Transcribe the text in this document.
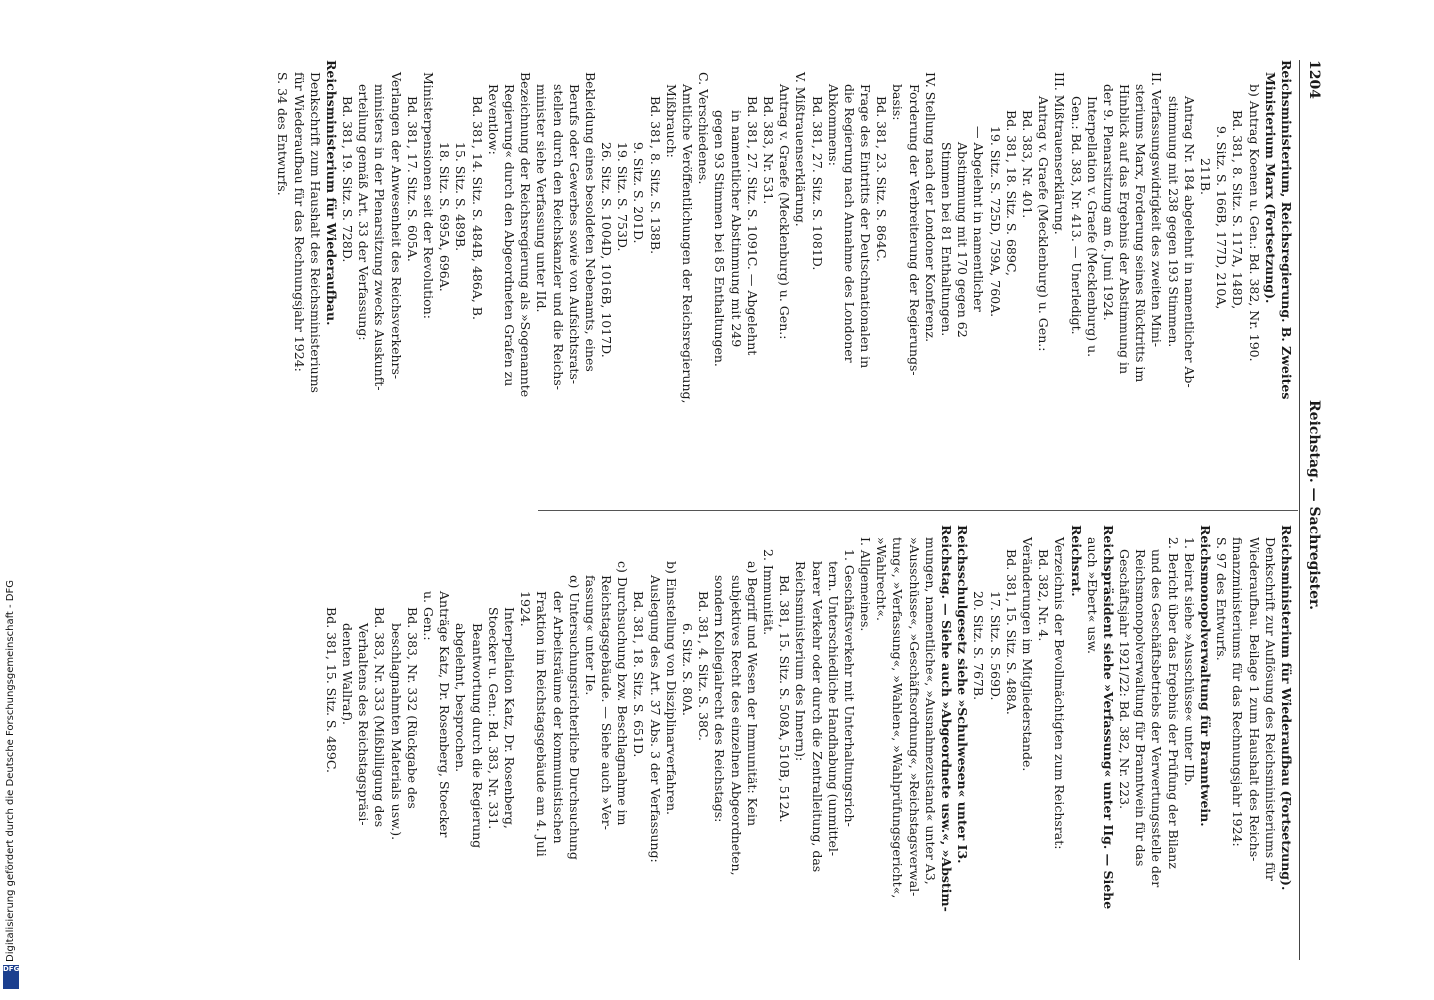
1204
Reichstag. — Sachregister.
Reichsministerium, Reichsregierung. B. Zweites
Ministerium Marx (Fortsetzung).
b) Antrag Koenen u. Gen.: Bd. 382, Nr. 190.
Bd. 381, 8. Sitz. S. 117A, 148D,
9. Sitz. S. 166B, 177D, 210A,
211B.
Antrag Nr. 184 abgelehnt in namentlicher Ab-
stimmung mit 238 gegen 193 Stimmen.
II. Verfassungswidrigkeit des zweiten Mini-
steriums Marx, Forderung seines Rücktritts im
Hinblick auf das Ergebnis der Abstimmung in
der 9. Plenarsitzung am 6. Juni 1924.
Interpellation v. Graefe (Mecklenburg) u.
Gen.: Bd. 383, Nr. 413. — Unerledigt.
III. Mißtrauenserklärung.
Antrag v. Graefe (Mecklenburg) u. Gen.:
Bd. 383, Nr. 401.
Bd. 381, 18. Sitz. S. 689C,
19. Sitz. S. 725D, 759A, 760A.
— Abgelehnt in namentlicher
Abstimmung mit 170 gegen 62
Stimmen bei 81 Enthaltungen.
IV. Stellung nach der Londoner Konferenz.
Forderung der Verbreiterung der Regierungs-
basis:
Bd. 381, 23. Sitz. S. 864C.
Frage des Eintritts der Deutschnationalen in
die Regierung nach Annahme des Londoner
Abkommens:
Bd. 381, 27. Sitz. S. 1081D.
V. Mißtrauenserklärung.
Antrag v. Graefe (Mecklenburg) u. Gen.:
Bd. 383, Nr. 531.
Bd. 381, 27. Sitz. S. 1091C. — Abgelehnt
in namentlicher Abstimmung mit 249
gegen 93 Stimmen bei 85 Enthaltungen.
C. Verschiedenes.
Amtliche Veröffentlichungen der Reichsregierung,
Mißbrauch:
Bd. 381, 8. Sitz. S. 138B.
9. Sitz. S. 201D.
19. Sitz. S. 753D.
26. Sitz. S. 1004D, 1016B, 1017D.
Bekleidung eines besoldeten Nebenamts, eines
Berufs oder Gewerbes sowie von Aufsichtsrats-
stellen durch den Reichskanzler und die Reichs-
minister siehe Verfassung unter IId.
Bezeichnung der Reichsregierung als »Sogenannte
Regierung« durch den Abgeordneten Grafen zu
Reventlow:
Bd. 381, 14. Sitz. S. 484B, 486A, B.
15. Sitz. S. 489B.
18. Sitz. S. 695A, 696A.
Ministerpensionen seit der Revolution:
Bd. 381, 17. Sitz. S. 605A.
Verlangen der Anwesenheit des Reichsverkehrs-
ministers in der Plenarsitzung zwecks Auskunft-
erteilung gemäß Art. 33 der Verfassung:
Bd. 381, 19. Sitz. S. 728D.
Reichsministerium für Wiederaufbau.
Denkschrift zum Haushalt des Reichsministeriums
für Wiederaufbau für das Rechnungsjahr 1924:
S. 34 des Entwurfs.
Reichsministerium für Wiederaufbau (Fortsetzung).
Denkschrift zur Auflösung des Reichsministeriums für
Wiederaufbau. Beilage 1 zum Haushalt des Reichs-
finanzministeriums für das Rechnungsjahr 1924:
S. 97 des Entwurfs.
Reichsmonopolverwaltung für Branntwein.
1. Beirat siehe »Ausschüsse« unter IIb.
2. Bericht über das Ergebnis der Prüfung der Bilanz
und des Geschäftsbetriebs der Verwertungsstelle der
Reichsmonopolverwaltung für Branntwein für das
Geschäftsjahr 1921/22: Bd. 382, Nr. 223.
Reichspräsident siehe »Verfassung« unter IIg. — Siehe
auch »Ebert« usw.
Reichsrat.
Verzeichnis der Bevollmächtigten zum Reichsrat:
Bd. 382, Nr. 4.
Veränderungen im Mitgliederstande.
Bd. 381, 15. Sitz. S. 488A.
17. Sitz. S. 569D.
20. Sitz. S. 767B.
Reichsschulgesetz siehe »Schulwesen« unter I3.
Reichstag. — Siehe auch »Abgeordnete usw.«, »Abstim-
mungen, namentliche«, »Ausnahmezustand« unter A3,
»Ausschüsse«, »Geschäftsordnung«, »Reichstagsverwal-
tung«, »Verfassung«, »Wahlen«, »Wahlprüfungsgericht«,
»Wahlrecht«.
I. Allgemeines.
1. Geschäftsverkehr mit Unterhaltungsrich-
tern. Unterschiedliche Handhabung (unmittel-
barer Verkehr oder durch die Zentralleitung, das
Reichsministerium des Innern):
Bd. 381, 15. Sitz. S. 508A, 510B, 512A.
2. Immunität.
a) Begriff und Wesen der Immunität: Kein
subjektives Recht des einzelnen Abgeordneten,
sondern Kollegialrecht des Reichstags:
Bd. 381, 4. Sitz. S. 38C.
6. Sitz. S. 80A.
b) Einstellung von Disziplinarverfahren.
Auslegung des Art. 37 Abs. 3 der Verfassung:
Bd. 381, 18. Sitz. S. 651D.
c) Durchsuchung bzw. Beschlagnahme im
Reichstagsgebäude. — Siehe auch »Ver-
fassung« unter IIe.
α) Untersuchungsrichterliche Durchsuchung
der Arbeitsräume der kommunistischen
Fraktion im Reichstagsgebäude am 4. Juli
1924.
Interpellation Katz, Dr. Rosenberg,
Stoecker u. Gen.: Bd. 383, Nr. 331.
Beantwortung durch die Regierung
abgelehnt, besprochen.
Anträge Katz, Dr. Rosenberg, Stoecker
u. Gen.:
Bd. 383, Nr. 332 (Rückgabe des
beschlagnahmten Materials usw.).
Bd. 383, Nr. 333 (Mißbilligung des
Verhaltens des Reichstagspräsi-
denten Wallraf).
Bd. 381, 15. Sitz. S. 489C.
Digitalisierung gefördert durch die Deutsche Forschungsgemeinschaft - DFG
DFG
